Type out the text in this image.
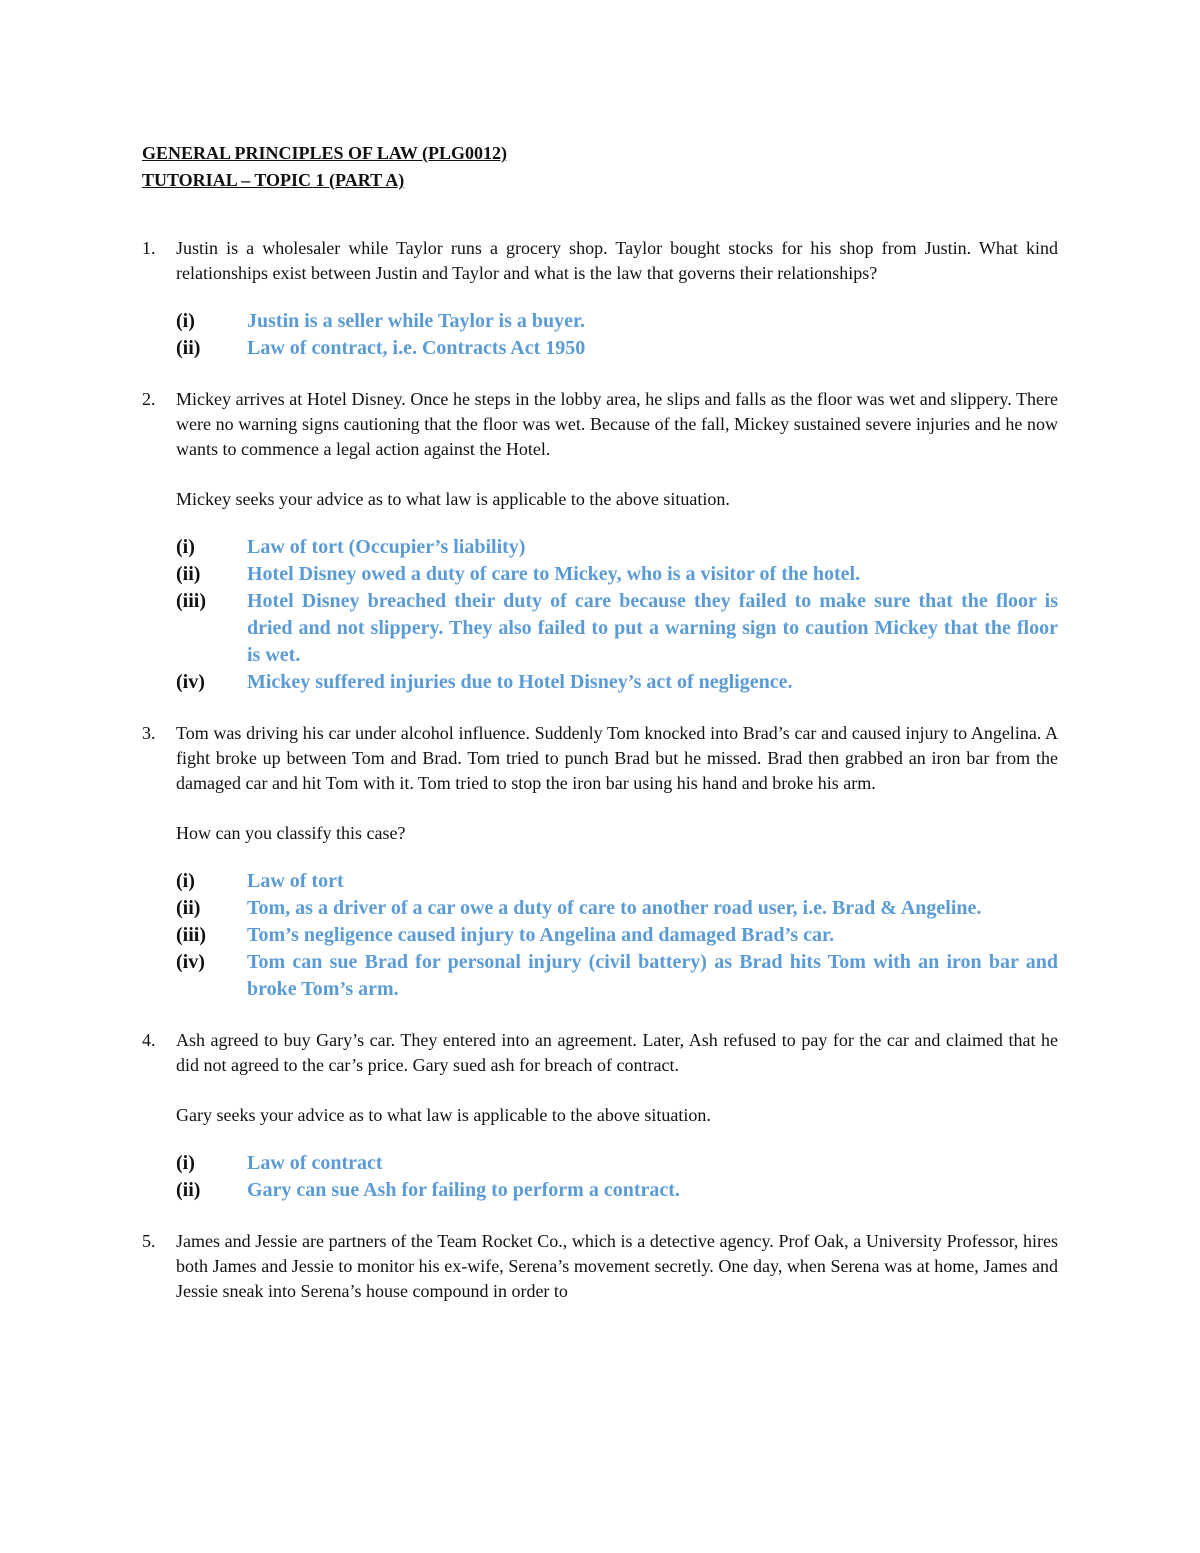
GENERAL PRINCIPLES OF LAW (PLG0012)

TUTORIAL – TOPIC 1 (PART A)

1.	Justin is a wholesaler while Taylor runs a grocery shop. Taylor bought stocks for his shop from Justin. What kind relationships exist between Justin and Taylor and what is the law that governs their relationships?

(i)	Justin is a seller while Taylor is a buyer.
(ii)	Law of contract, i.e. Contracts Act 1950
2.	Mickey arrives at Hotel Disney. Once he steps in the lobby area, he slips and falls as the floor was wet and slippery. There were no warning signs cautioning that the floor was wet. Because of the fall, Mickey sustained severe injuries and he now wants to commence a legal action against the Hotel.

Mickey seeks your advice as to what law is applicable to the above situation.

(i)	Law of tort (Occupier’s liability)
(ii)	Hotel Disney owed a duty of care to Mickey, who is a visitor of the hotel.
(iii)	Hotel Disney breached their duty of care because they failed to make sure that the floor is dried and not slippery. They also failed to put a warning sign to caution Mickey that the floor is wet.
(iv)	Mickey suffered injuries due to Hotel Disney’s act of negligence.
3.	Tom was driving his car under alcohol influence. Suddenly Tom knocked into Brad’s car and caused injury to Angelina. A fight broke up between Tom and Brad. Tom tried to punch Brad but he missed. Brad then grabbed an iron bar from the damaged car and hit Tom with it. Tom tried to stop the iron bar using his hand and broke his arm.

How can you classify this case?

(i)	Law of tort
(ii)	Tom, as a driver of a car owe a duty of care to another road user, i.e. Brad & Angeline.
(iii)	Tom’s negligence caused injury to Angelina and damaged Brad’s car.
(iv)	Tom can sue Brad for personal injury (civil battery) as Brad hits Tom with an iron bar and broke Tom’s arm.
4.	Ash agreed to buy Gary’s car. They entered into an agreement. Later, Ash refused to pay for the car and claimed that he did not agreed to the car’s price. Gary sued ash for breach of contract.

Gary seeks your advice as to what law is applicable to the above situation.

(i)	Law of contract
(ii)	Gary can sue Ash for failing to perform a contract.
5.	James and Jessie are partners of the Team Rocket Co., which is a detective agency. Prof Oak, a University Professor, hires both James and Jessie to monitor his ex-wife, Serena’s movement secretly. One day, when Serena was at home, James and Jessie sneak into Serena’s house compound in order to
